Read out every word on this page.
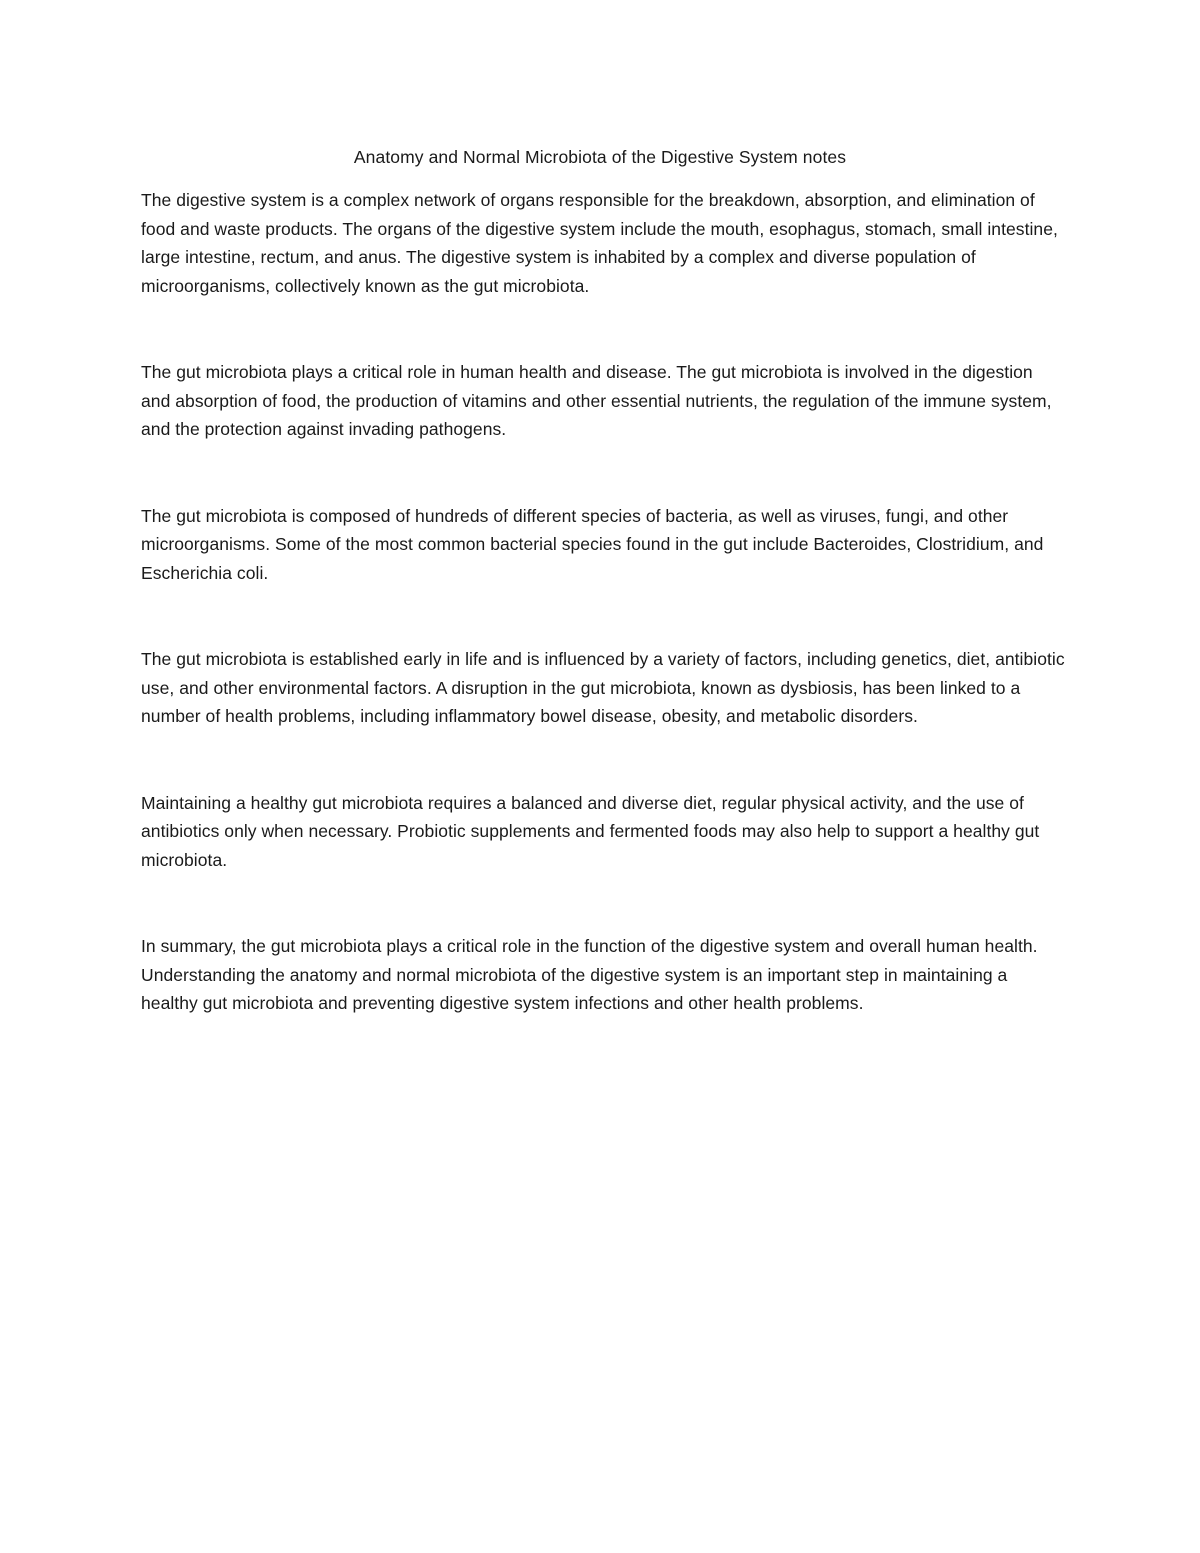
Anatomy and Normal Microbiota of the Digestive System notes

The digestive system is a complex network of organs responsible for the breakdown, absorption, and elimination of food and waste products. The organs of the digestive system include the mouth, esophagus, stomach, small intestine, large intestine, rectum, and anus. The digestive system is inhabited by a complex and diverse population of microorganisms, collectively known as the gut microbiota.

The gut microbiota plays a critical role in human health and disease. The gut microbiota is involved in the digestion and absorption of food, the production of vitamins and other essential nutrients, the regulation of the immune system, and the protection against invading pathogens.

The gut microbiota is composed of hundreds of different species of bacteria, as well as viruses, fungi, and other microorganisms. Some of the most common bacterial species found in the gut include Bacteroides, Clostridium, and Escherichia coli.

The gut microbiota is established early in life and is influenced by a variety of factors, including genetics, diet, antibiotic use, and other environmental factors. A disruption in the gut microbiota, known as dysbiosis, has been linked to a number of health problems, including inflammatory bowel disease, obesity, and metabolic disorders.

Maintaining a healthy gut microbiota requires a balanced and diverse diet, regular physical activity, and the use of antibiotics only when necessary. Probiotic supplements and fermented foods may also help to support a healthy gut microbiota.

In summary, the gut microbiota plays a critical role in the function of the digestive system and overall human health. Understanding the anatomy and normal microbiota of the digestive system is an important step in maintaining a healthy gut microbiota and preventing digestive system infections and other health problems.
